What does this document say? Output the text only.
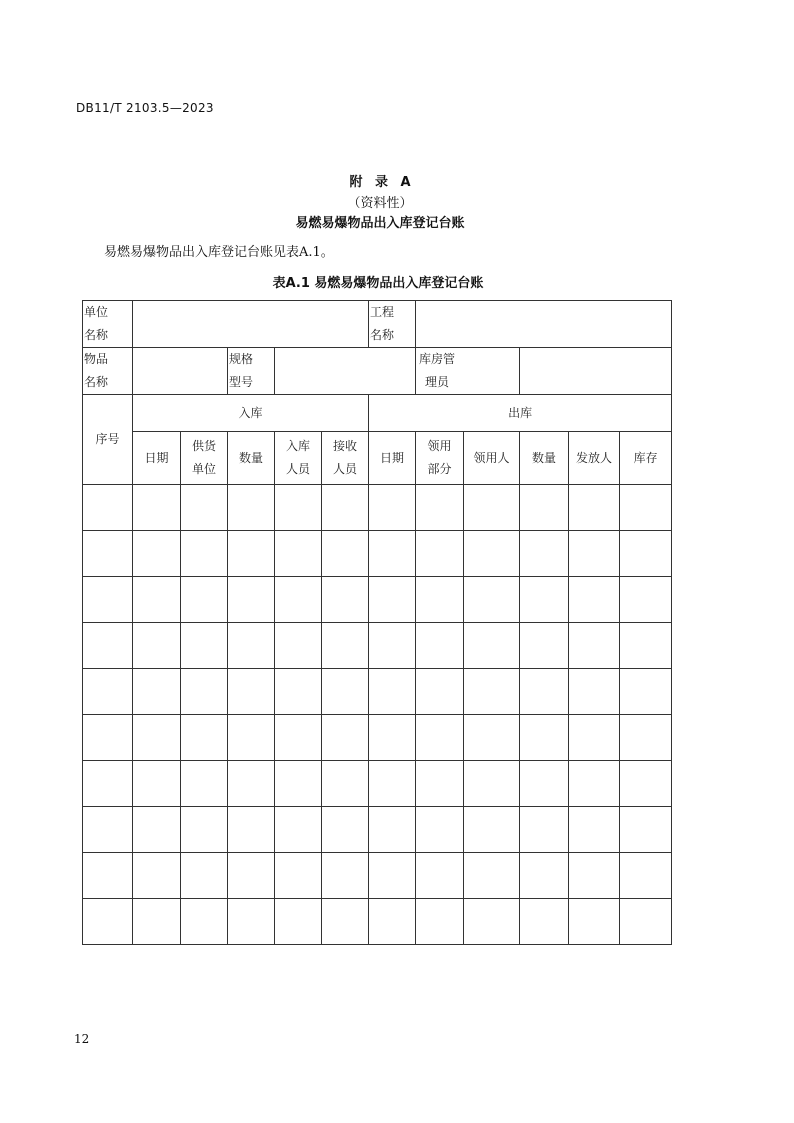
DB11/T 2103.5—2023
附 录 A
（资料性）
易燃易爆物品出入库登记台账
易燃易爆物品出入库登记台账见表A.1。
表A.1 易燃易爆物品出入库登记台账
单位名称						工程名称					

物品名称			规格型号				库房管理员				

序号	入库					出库					

	日期	供货单位	数量	入库人员	接收人员	日期	领用部分	领用人	数量	发放人	库存

12
